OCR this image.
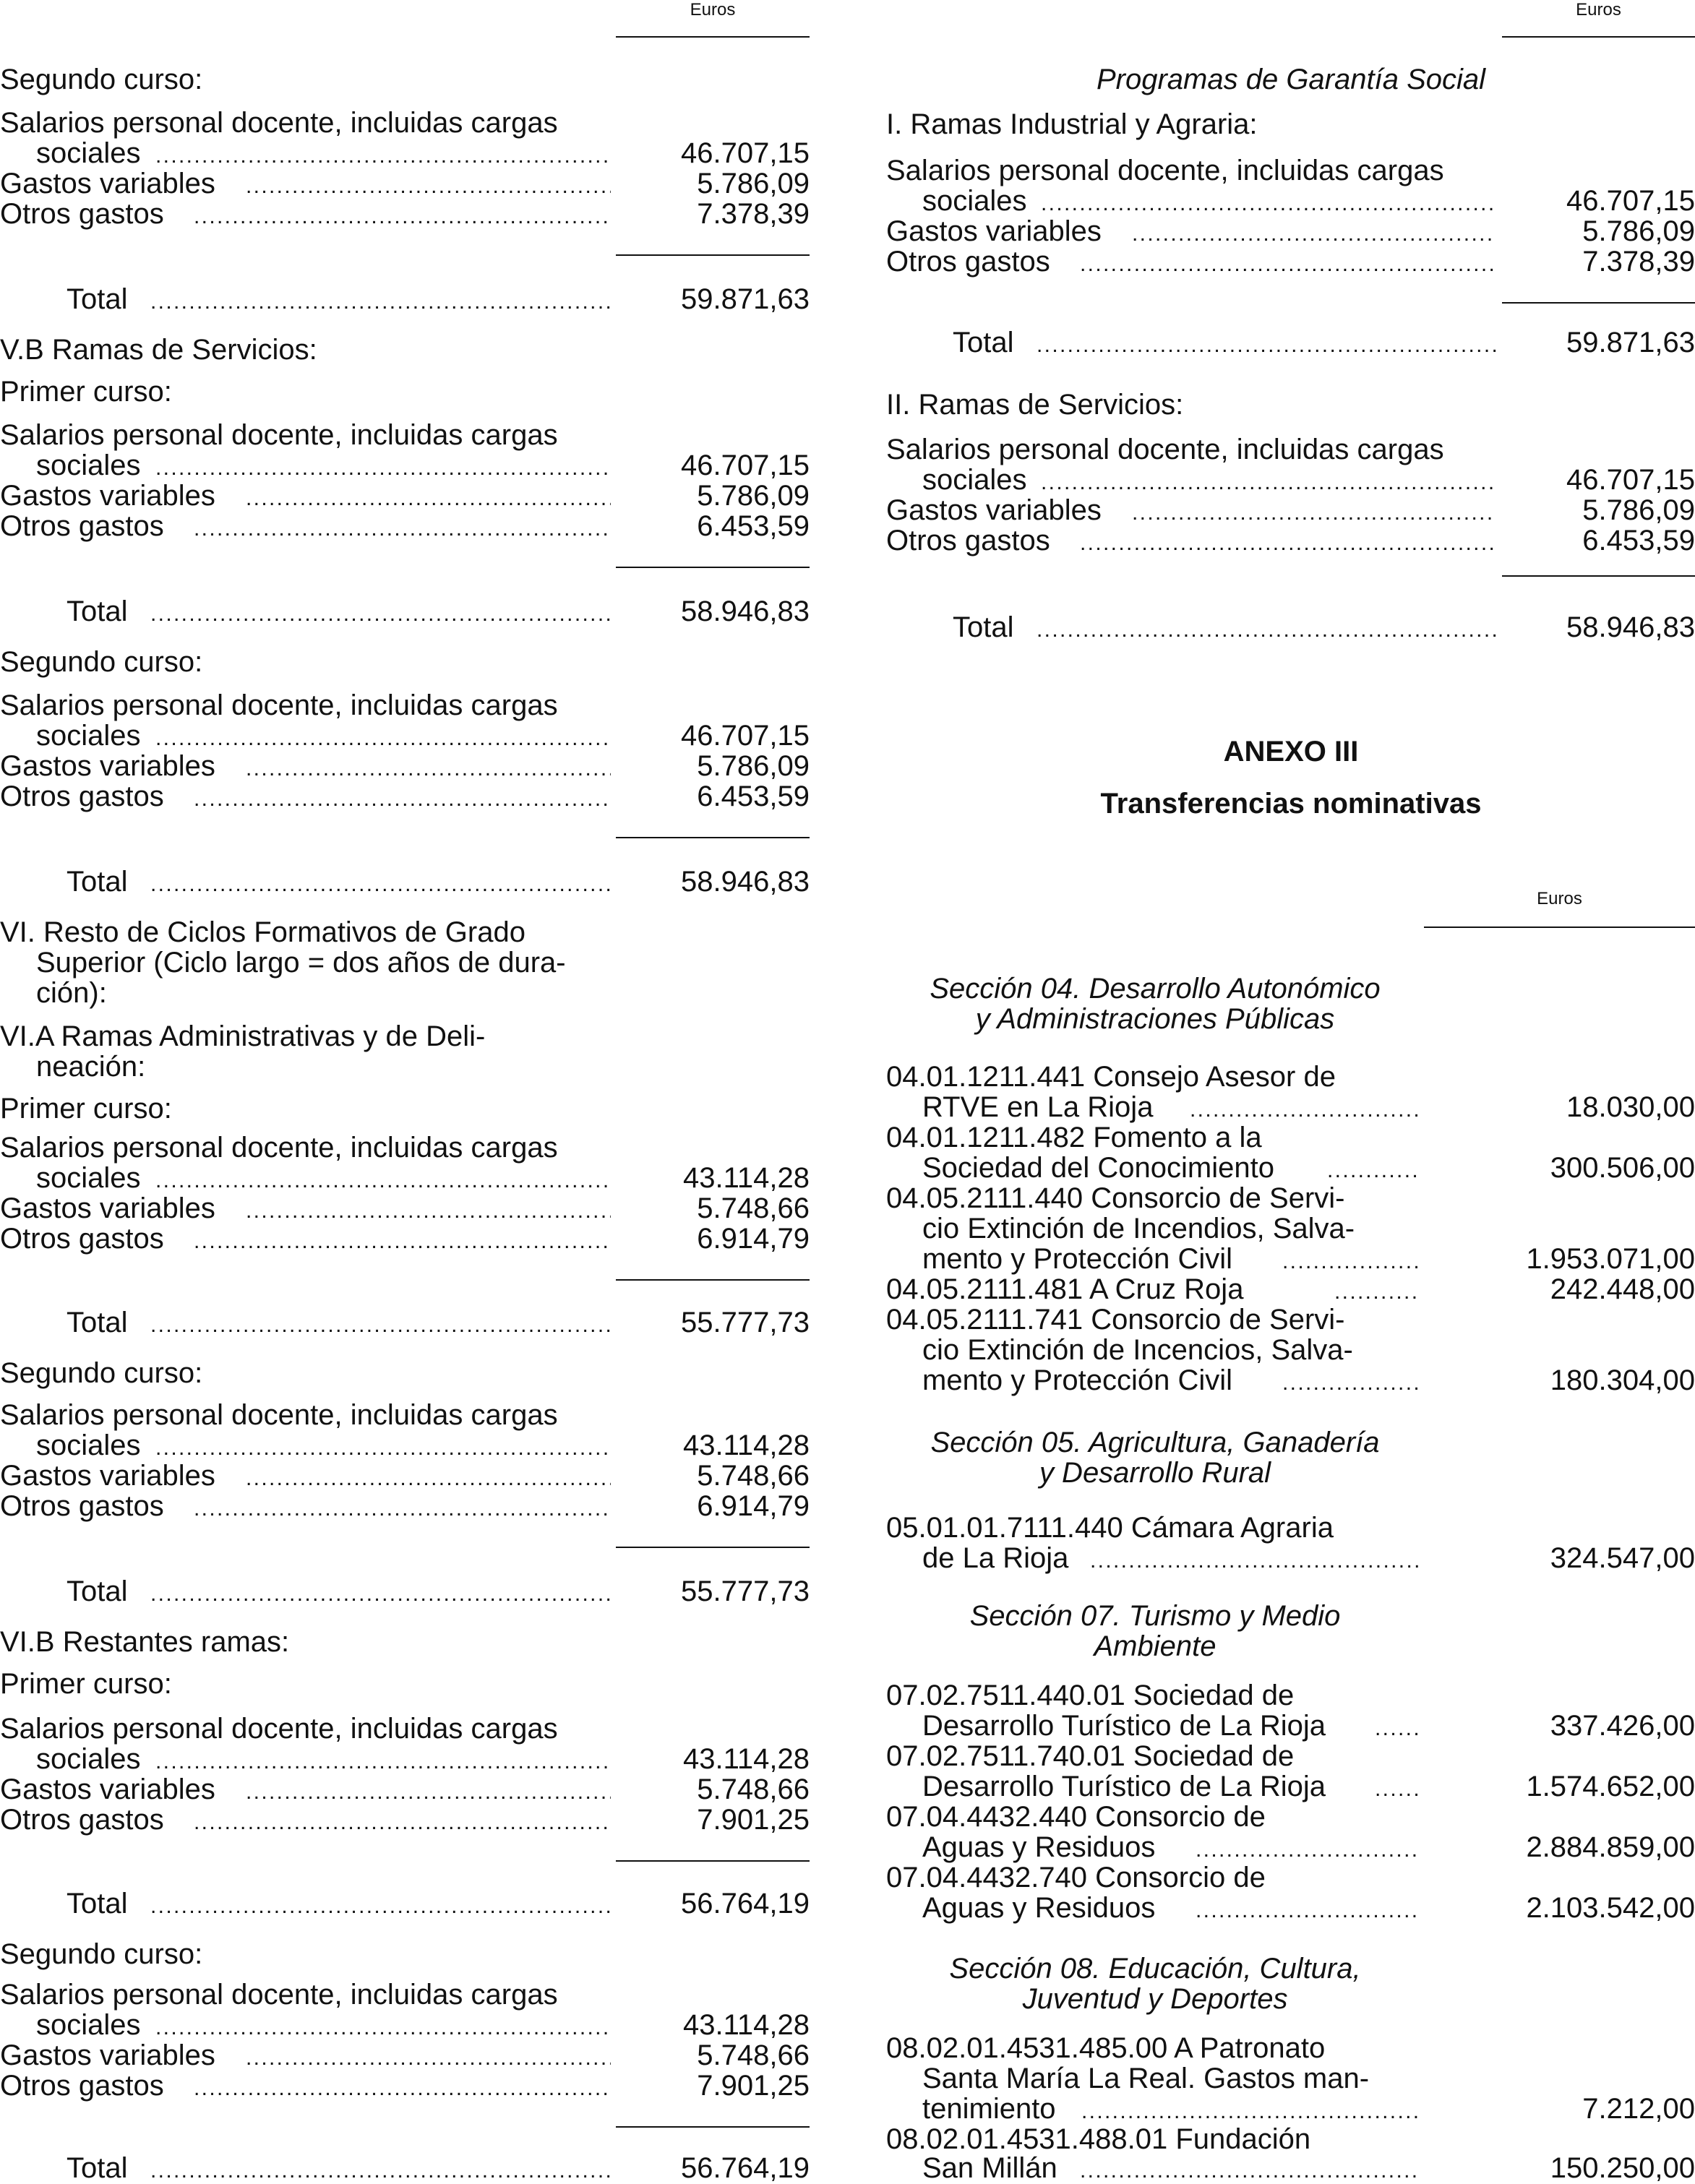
Euros
Segundo curso:
Salarios personal docente, incluidas cargas
sociales . . .	46.707,15
Gastos variables . . .	5.786,09
Otros gastos . . .	7.378,39
Total . . .	59.871,63
V.B Ramas de Servicios:
Primer curso:
Salarios personal docente, incluidas cargas
sociales . . .	46.707,15
Gastos variables . . .	5.786,09
Otros gastos . . .	6.453,59
Total . . .	58.946,83
Segundo curso:
Salarios personal docente, incluidas cargas
sociales . . .	46.707,15
Gastos variables . . .	5.786,09
Otros gastos . . .	6.453,59
Total . . .	58.946,83
VI. Resto de Ciclos Formativos de Grado
Superior (Ciclo largo = dos años de dura-
ción):
VI.A Ramas Administrativas y de Deli-
neación:
Primer curso:
Salarios personal docente, incluidas cargas
sociales . . .	43.114,28
Gastos variables . . .	5.748,66
Otros gastos . . .	6.914,79
Total . . .	55.777,73
Segundo curso:
Salarios personal docente, incluidas cargas
sociales . . .	43.114,28
Gastos variables . . .	5.748,66
Otros gastos . . .	6.914,79
Total . . .	55.777,73
VI.B Restantes ramas:
Primer curso:
Salarios personal docente, incluidas cargas
sociales . . .	43.114,28
Gastos variables . . .	5.748,66
Otros gastos . . .	7.901,25
Total . . .	56.764,19
Segundo curso:
Salarios personal docente, incluidas cargas
sociales . . .	43.114,28
Gastos variables . . .	5.748,66
Otros gastos . . .	7.901,25
Total . . .	56.764,19
Euros
Programas de Garantía Social
I. Ramas Industrial y Agraria:
Salarios personal docente, incluidas cargas
sociales . . .	46.707,15
Gastos variables . . .	5.786,09
Otros gastos . . .	7.378,39
Total . . .	59.871,63
II. Ramas de Servicios:
Salarios personal docente, incluidas cargas
sociales . . .	46.707,15
Gastos variables . . .	5.786,09
Otros gastos . . .	6.453,59
Total . . .	58.946,83
ANEXO III
Transferencias nominativas
Euros
Sección 04. Desarrollo Autonómico
y Administraciones Públicas
04.01.1211.441 Consejo Asesor de
RTVE en La Rioja . . .	18.030,00
04.01.1211.482 Fomento a la
Sociedad del Conocimiento . . .	300.506,00
04.05.2111.440 Consorcio de Servi-
cio Extinción de Incendios, Salva-
mento y Protección Civil . . .	1.953.071,00
04.05.2111.481 A Cruz Roja . . .	242.448,00
04.05.2111.741 Consorcio de Servi-
cio Extinción de Incencios, Salva-
mento y Protección Civil . . .	180.304,00
Sección 05. Agricultura, Ganadería
y Desarrollo Rural
05.01.01.7111.440 Cámara Agraria
de La Rioja . . .	324.547,00
Sección 07. Turismo y Medio
Ambiente
07.02.7511.440.01 Sociedad de
Desarrollo Turístico de La Rioja . . .	337.426,00
07.02.7511.740.01 Sociedad de
Desarrollo Turístico de La Rioja . . .	1.574.652,00
07.04.4432.440 Consorcio de
Aguas y Residuos . . .	2.884.859,00
07.04.4432.740 Consorcio de
Aguas y Residuos . . .	2.103.542,00
Sección 08. Educación, Cultura,
Juventud y Deportes
08.02.01.4531.485.00 A Patronato
Santa María La Real. Gastos man-
tenimiento . . .	7.212,00
08.02.01.4531.488.01 Fundación
San Millán . . .	150.250,00
